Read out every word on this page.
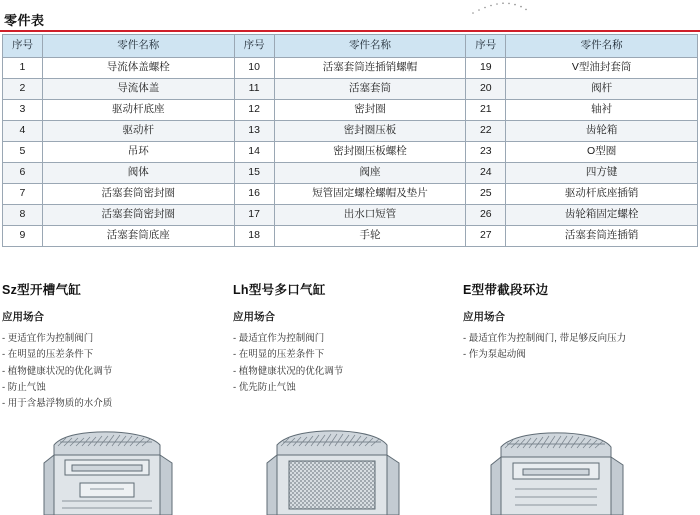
零件表
序号	零件名称	序号	零件名称	序号	零件名称
1	导流体盖螺栓	10	活塞套筒连插销螺帽	19	V型油封套筒
2	导流体盖	11	活塞套筒	20	阀杆
3	驱动杆底座	12	密封圈	21	轴衬
4	驱动杆	13	密封圈压板	22	齿轮箱
5	吊环	14	密封圈压板螺栓	23	O型圈
6	阀体	15	阀座	24	四方键
7	活塞套筒密封圈	16	短管固定螺栓螺帽及垫片	25	驱动杆底座插销
8	活塞套筒密封圈	17	出水口短管	26	齿轮箱固定螺栓
9	活塞套筒底座	18	手轮	27	活塞套筒连插销
Sz型开槽气缸
应用场合
- 更适宜作为控制阀门
- 在明显的压差条件下
- 植物健康状况的优化调节
- 防止气蚀
- 用于含悬浮物质的水介质
Lh型号多口气缸
应用场合
- 最适宜作为控制阀门
- 在明显的压差条件下
- 植物健康状况的优化调节
- 优先防止气蚀
E型带截段环边
应用场合
- 最适宜作为控制阀门, 带足够反向压力
- 作为泵起动阀
